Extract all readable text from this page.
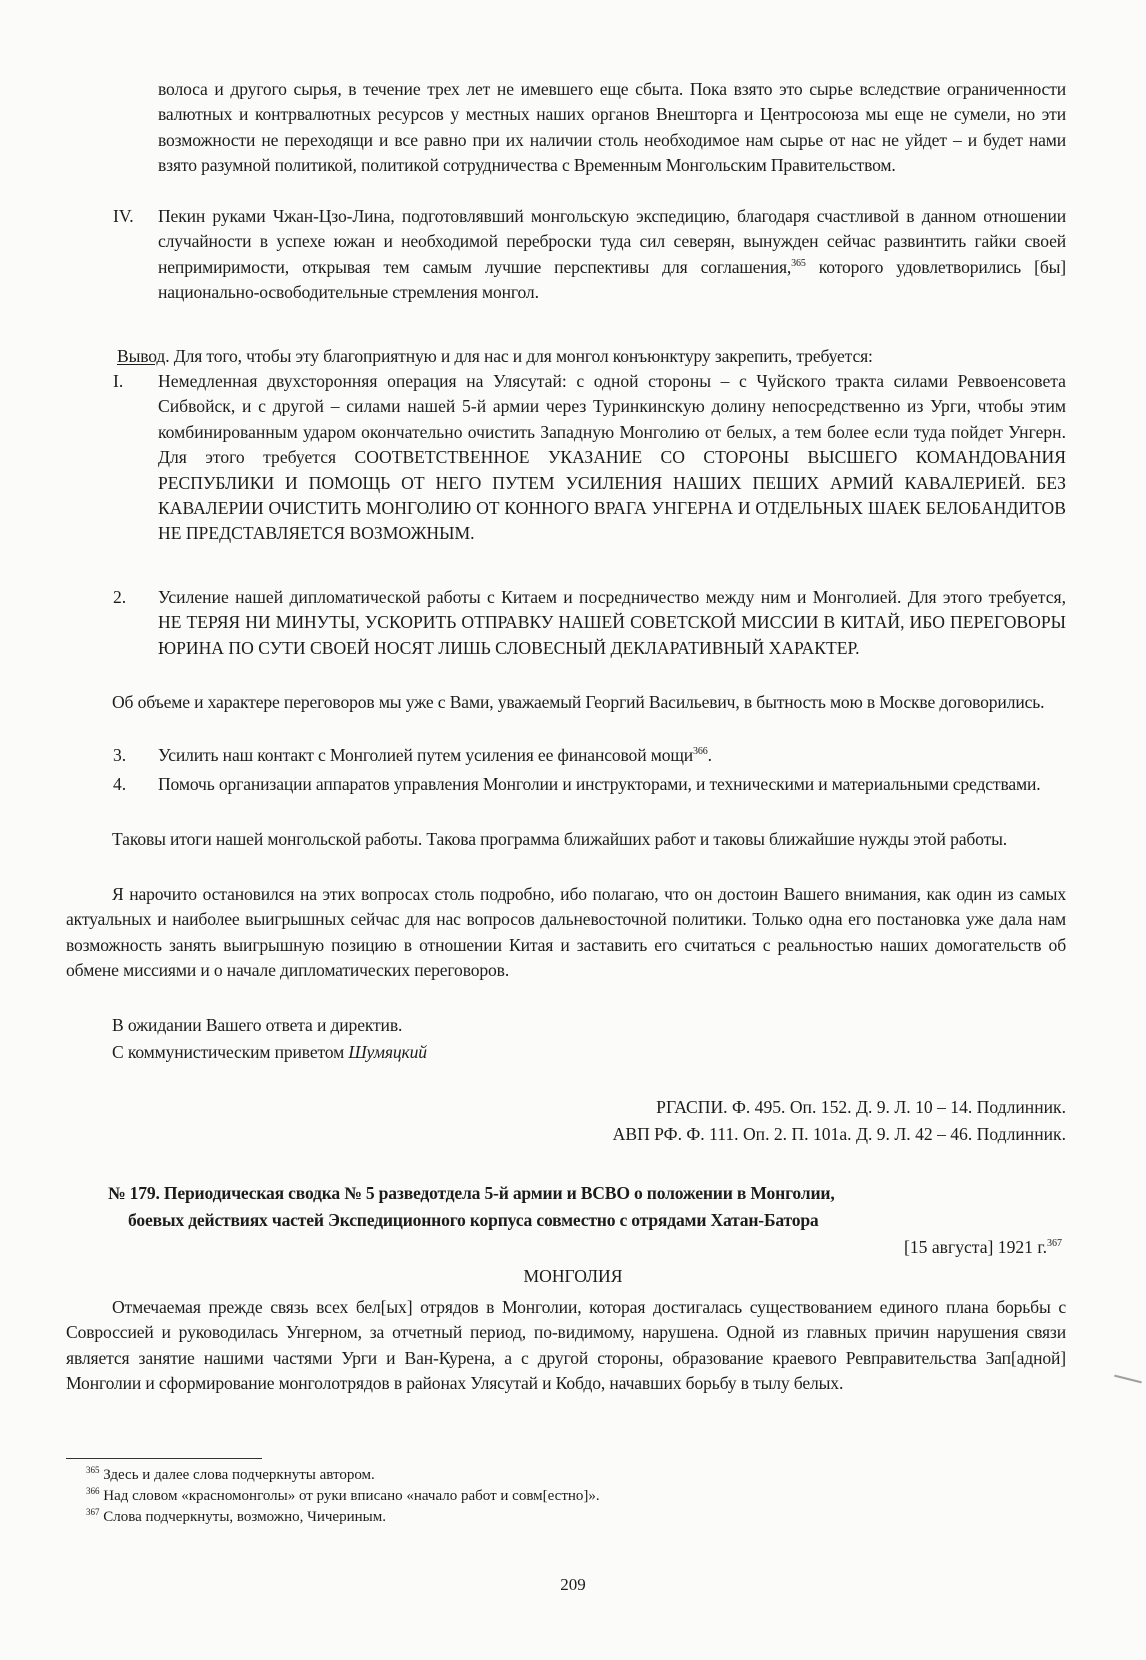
волоса и другого сырья, в течение трех лет не имевшего еще сбыта. Пока взято это сырье вследствие ограниченности валютных и контрвалютных ресурсов у местных наших органов Внешторга и Центросоюза мы еще не сумели, но эти возможности не переходящи и все равно при их наличии столь необходимое нам сырье от нас не уйдет – и будет нами взято разумной политикой, политикой сотрудничества с Временным Монгольским Правительством.
IV. Пекин руками Чжан-Цзо-Лина, подготовлявший монгольскую экспедицию, благодаря счастливой в данном отношении случайности в успехе южан и необходимой переброски туда сил северян, вынужден сейчас развинтить гайки своей непримиримости, открывая тем самым лучшие перспективы для соглашения,$^{365}$ которого удовлетворились [бы] национально-освободительные стремления монгол.
Вывод. Для того, чтобы эту благоприятную и для нас и для монгол конъюнктуру закрепить, требуется:
I. Немедленная двухсторонняя операция на Улясутай: с одной стороны – с Чуйского тракта силами Реввоенсовета Сибвойск, и с другой – силами нашей 5-й армии через Туринкинскую долину непосредственно из Урги, чтобы этим комбинированным ударом окончательно очистить Западную Монголию от белых, а тем более если туда пойдет Унгерн. Для этого требуется СООТВЕТСТВЕННОЕ УКАЗАНИЕ СО СТОРОНЫ ВЫСШЕГО КОМАНДОВАНИЯ РЕСПУБЛИКИ И ПОМОЩЬ ОТ НЕГО ПУТЕМ УСИЛЕНИЯ НАШИХ ПЕШИХ АРМИЙ КАВАЛЕРИЕЙ. БЕЗ КАВАЛЕРИИ ОЧИСТИТЬ МОНГОЛИЮ ОТ КОННОГО ВРАГА УНГЕРНА И ОТДЕЛЬНЫХ ШАЕК БЕЛОБАНДИТОВ НЕ ПРЕДСТАВЛЯЕТСЯ ВОЗМОЖНЫМ.
2. Усиление нашей дипломатической работы с Китаем и посредничество между ним и Монголией. Для этого требуется, НЕ ТЕРЯЯ НИ МИНУТЫ, УСКОРИТЬ ОТПРАВКУ НАШЕЙ СОВЕТСКОЙ МИССИИ В КИТАЙ, ИБО ПЕРЕГОВОРЫ ЮРИНА ПО СУТИ СВОЕЙ НОСЯТ ЛИШЬ СЛОВЕСНЫЙ ДЕКЛАРАТИВНЫЙ ХАРАКТЕР.
Об объеме и характере переговоров мы уже с Вами, уважаемый Георгий Васильевич, в бытность мою в Москве договорились.
3. Усилить наш контакт с Монголией путем усиления ее финансовой мощи$^{366}$.
4. Помочь организации аппаратов управления Монголии и инструкторами, и техническими и материальными средствами.
Таковы итоги нашей монгольской работы. Такова программа ближайших работ и таковы ближайшие нужды этой работы.
Я нарочито остановился на этих вопросах столь подробно, ибо полагаю, что он достоин Вашего внимания, как один из самых актуальных и наиболее выигрышных сейчас для нас вопросов дальневосточной политики. Только одна его постановка уже дала нам возможность занять выигрышную позицию в отношении Китая и заставить его считаться с реальностью наших домогательств об обмене миссиями и о начале дипломатических переговоров.
В ожидании Вашего ответа и директив.
С коммунистическим приветом Шумяцкий
РГАСПИ. Ф. 495. Оп. 152. Д. 9. Л. 10 – 14. Подлинник.
АВП РФ. Ф. 111. Оп. 2. П. 101а. Д. 9. Л. 42 – 46. Подлинник.
№ 179. Периодическая сводка № 5 разведотдела 5-й армии и ВСВО о положении в Монголии,
боевых действиях частей Экспедиционного корпуса совместно с отрядами Хатан-Батора
[15 августа] 1921 г.$^{367}$
МОНГОЛИЯ
Отмечаемая прежде связь всех бел[ых] отрядов в Монголии, которая достигалась существованием единого плана борьбы с Совроссией и руководилась Унгерном, за отчетный период, по-видимому, нарушена. Одной из главных причин нарушения связи является занятие нашими частями Урги и Ван-Курена, а с другой стороны, образование краевого Ревправительства Зап[адной] Монголии и сформирование монголотрядов в районах Улясутай и Кобдо, начавших борьбу в тылу белых.
$^{365}$ Здесь и далее слова подчеркнуты автором.
$^{366}$ Над словом «красномонголы» от руки вписано «начало работ и совм[естно]».
$^{367}$ Слова подчеркнуты, возможно, Чичериным.
209
